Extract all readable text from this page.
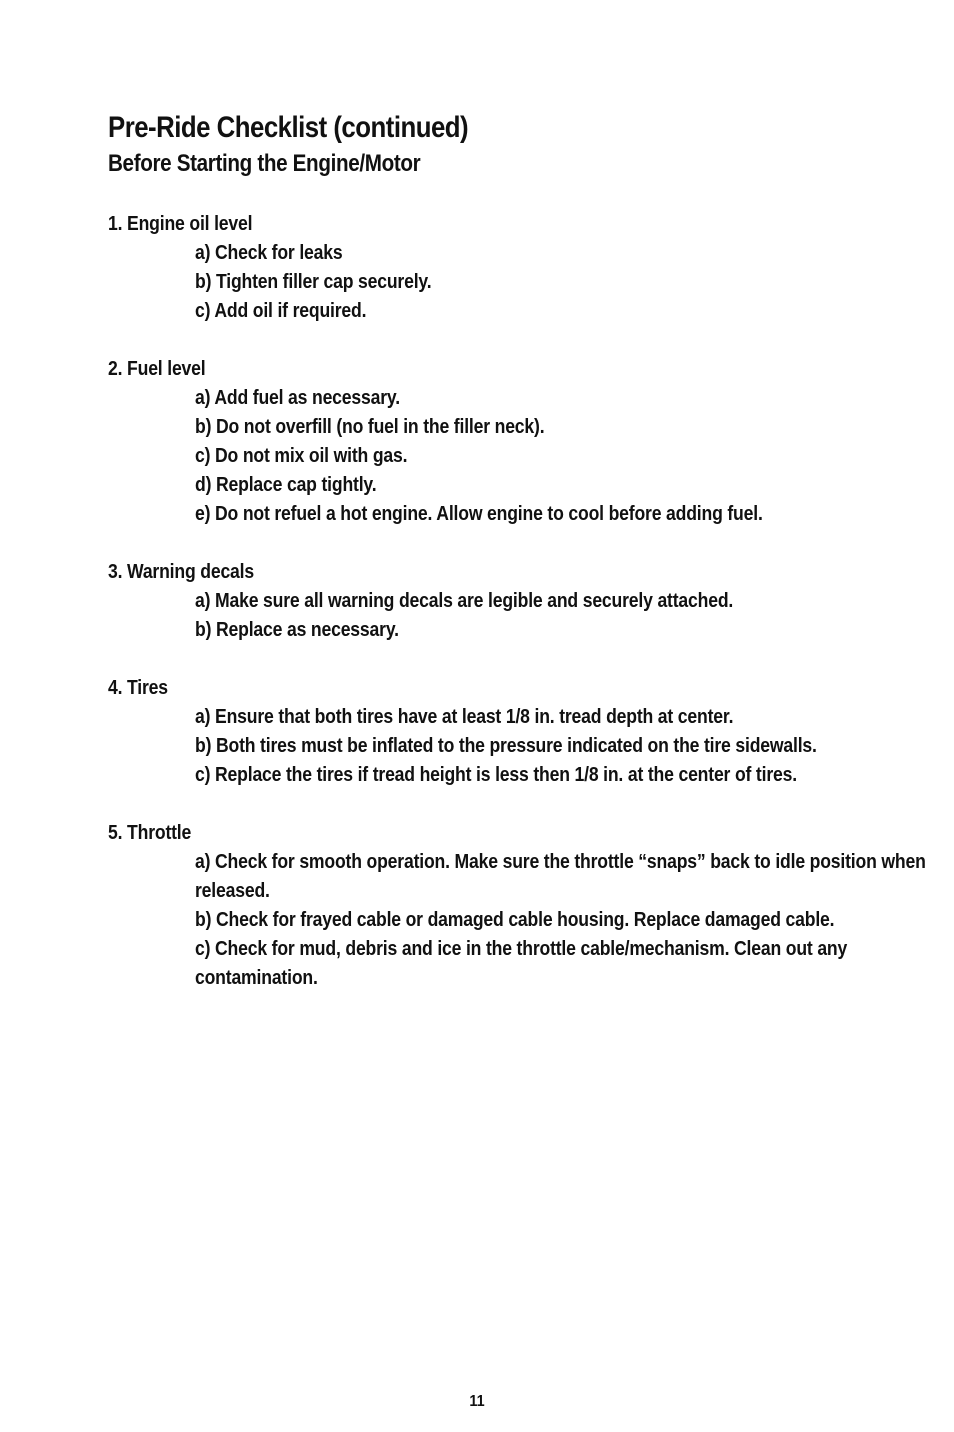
Pre-Ride Checklist (continued)
Before Starting the Engine/Motor
1. Engine oil level
a) Check for leaks
b) Tighten filler cap securely.
c) Add oil if required.
2. Fuel level
a) Add fuel as necessary.
b) Do not overfill (no fuel in the filler neck).
c) Do not mix oil with gas.
d) Replace cap tightly.
e) Do not refuel a hot engine. Allow engine to cool before adding fuel.
3. Warning decals
a) Make sure all warning decals are legible and securely attached.
b) Replace as necessary.
4. Tires
a) Ensure that both tires have at least 1/8 in. tread depth at center.
b) Both tires must be inflated to the pressure indicated on the tire sidewalls.
c) Replace the tires if tread height is less then 1/8 in. at the center of tires.
5. Throttle
a) Check for smooth operation. Make sure the throttle “snaps” back to idle position when released.
b) Check for frayed cable or damaged cable housing. Replace damaged cable.
c) Check for mud, debris and ice in the throttle cable/mechanism. Clean out any contamination.
11
